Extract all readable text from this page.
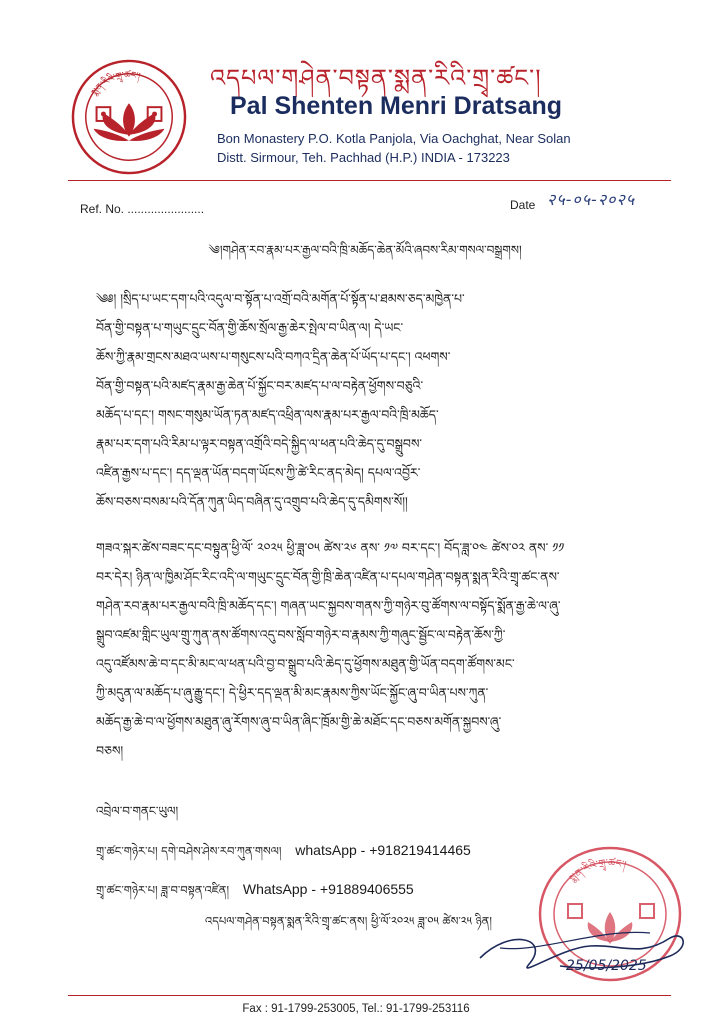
སྨན་རིའི་གྲྭ་ཚང་།	འདཔལ་གཤེན་བསྟན་སྨན་རིའི་གྲྭ་ཚང་།
Pal Shenten Menri Dratsang
Bon Monastery P.O. Kotla Panjola, Via Oachghat, Near Solan
Distt. Sirmour, Teh. Pachhad (H.P.) INDIA - 173223
Ref. No. .......................	Date २५-०५-२०२५
༄།གཤེན་རབ་རྣམ་པར་རྒྱལ་བའི་ཁྲི་མཆོད་ཆེན་མོའི་ཞབས་རིམ་གསལ་བསྒྲགས།
༄༅། །སྲིད་པ་ཡང་དག་པའི་འདུལ་བ་སྟོན་པ་འགྲོ་བའི་མགོན་པོ་སྟོན་པ་ཐམས་ཅད་མཁྱེན་པ་
བོན་གྱི་བསྟན་པ་གཡུང་དྲུང་བོན་གྱི་ཆོས་སྲོལ་རྒྱ་ཆེར་སྤེལ་བ་ཡིན་ལ། དེ་ཡང་
ཆོས་ཀྱི་རྣམ་གྲངས་མཐའ་ཡས་པ་གསུངས་པའི་བཀའ་དྲིན་ཆེན་པོ་ཡོད་པ་དང་། འཕགས་
བོན་གྱི་བསྟན་པའི་མཛད་རྣམ་རྒྱ་ཆེན་པོ་སྐྱོང་བར་མཛད་པ་ལ་བརྟེན་ཕྱོགས་བཅུའི་
མཆོད་པ་དང་། གསང་གསུམ་ཡོན་ཏན་མཛད་འཕྲིན་ལས་རྣམ་པར་རྒྱལ་བའི་ཁྲི་མཆོད་
རྣམ་པར་དག་པའི་རིམ་པ་ལྟར་བསྟན་འགྲོའི་བདེ་སྐྱིད་ལ་ཕན་པའི་ཆེད་དུ་བསྒྲུབས་
འཛིན་རྒྱས་པ་དང་། དད་ལྡན་ཡོན་བདག་ཡོངས་ཀྱི་ཚེ་རིང་ནད་མེད། དཔལ་འབྱོར་
ཆོས་བཅས་བསམ་པའི་དོན་ཀུན་ཡིད་བཞིན་དུ་འགྲུབ་པའི་ཆེད་དུ་དམིགས་སོ།།
གཟའ་སྐར་ཚེས་བཟང་དང་བསྟུན་ཕྱི་ལོ་ ༢༠༢༥ ཕྱི་ཟླ་༠༥ ཚེས་༢༦ ནས་ ༡༧ བར་དང་། བོད་ཟླ་༠༤ ཚེས་༠༢ ནས་ ༡༡
བར་དེར། ཉིན་ལ་ཁྱིམ་ཤོང་རིང་འདི་ལ་གཡུང་དྲུང་བོན་གྱི་ཁྲི་ཆེན་འཛིན་པ་དཔལ་གཤེན་བསྟན་སྨན་རིའི་གྲྭ་ཚང་ནས་
གཤེན་རབ་རྣམ་པར་རྒྱལ་བའི་ཁྲི་མཆོད་དང་། གཞན་ཡང་སྐྱབས་གནས་ཀྱི་གཉེར་བུ་ཚོགས་ལ་བསྟོད་སྨོན་རྒྱ་ཆེ་ལ་ཞུ་
སྒྲུབ་འཛམ་གླིང་ཡུལ་གྲུ་ཀུན་ནས་ཚོགས་འདུ་བས་སློབ་གཉེར་བ་རྣམས་ཀྱི་གཞུང་སྦྱོང་ལ་བརྟེན་ཆོས་ཀྱི་
འདུ་འཛོམས་ཆེ་བ་དང་མི་མང་ལ་ཕན་པའི་བྱ་བ་སྒྲུབ་པའི་ཆེད་དུ་ཕྱོགས་མཐུན་གྱི་ཡོན་བདག་ཚོགས་མང་
ཀྱི་མདུན་ལ་མཆོད་པ་ཞུ་རྒྱུ་དང་། དེ་ཕྱིར་དད་ལྡན་མི་མང་རྣམས་ཀྱིས་ཡོང་སྐྱོང་ཞུ་བ་ཡིན་པས་ཀུན་
མཆོད་རྒྱ་ཆེ་བ་ལ་ཕྱོགས་མཐུན་ཞུ་རོགས་ཞུ་བ་ཡིན་ཞིང་ཁྲོམ་གྱི་ཆེ་མཐོང་དང་བཅས་མགོན་སྐྱབས་ཞུ་
བཅས།
འབྲེལ་བ་གནང་ཡུལ།
གྲྭ་ཚང་གཉེར་པ། དགེ་བཤེས་ཤེས་རབ་ཀུན་གསལ། whatsApp - +918219414465
གྲྭ་ཚང་གཉེར་པ། ཟླ་བ་བསྟན་འཛིན། WhatsApp - +91889406555
འདཔལ་གཤེན་བསྟན་སྨན་རིའི་གྲྭ་ཚང་ནས། ཕྱི་ལོ་༢༠༢༥ ཟླ་༠༥ ཚེས་༢༥ ཉིན།
སྨན་རིའི་གྲྭ་ཚང་།
25/05/2025
Fax : 91-1799-253005, Tel.: 91-1799-253116
